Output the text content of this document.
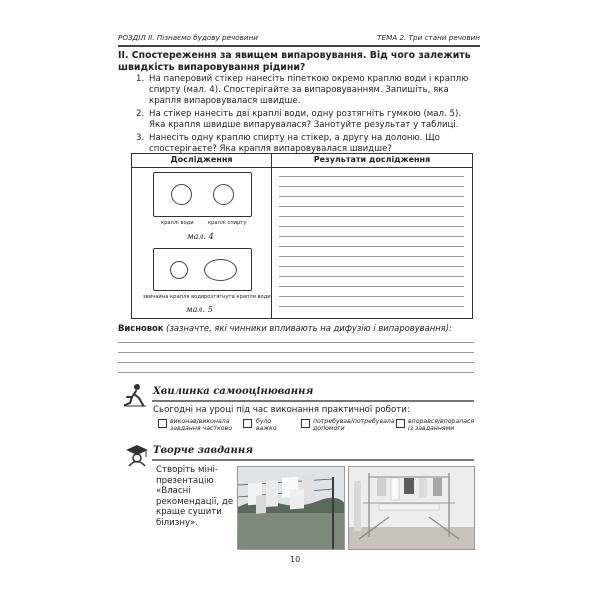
РОЗДІЛ ІІ. Пізнаємо будову речовини	ТЕМА 2. Три стани речовин
ІІ. Спостереження за явищем випаровування. Від чого залежить швидкість випаровування рідини?
1. На паперовий стікер нанесіть піпеткою окремо краплю води і краплю спирту (мал. 4). Спостерігайте за випаровуванням. Запишіть, яка крапля випаровувалася швидше.
2. На стікер нанесіть дві краплі води, одну розтягніть гумкою (мал. 5). Яка крапля швидше випарувалася? Занотуйте результат у таблиці.
3. Нанесіть одну краплю спирту на стікер, а другу на долоню. Що спостерігаєте? Яка крапля випаровувалася швидше?
Дослідження	Результати дослідження
краплі води	краплі спирту
мал. 4
звичайна крапля води розтягнута крапля води
мал. 5
Висновок (зазначте, які чинники впливають на дифузію і випаровування):
Хвилинка самооцінювання
Сьогодні на уроці під час виконання практичної роботи:
виконав/виконала
завдання частково
було
важко
потребував/потребувала
допомоги
впорався/впоралася
із завданнями
Творче завдання
Створіть міні-презентацію «Власні рекомендації, де краще сушити білизну».
10
